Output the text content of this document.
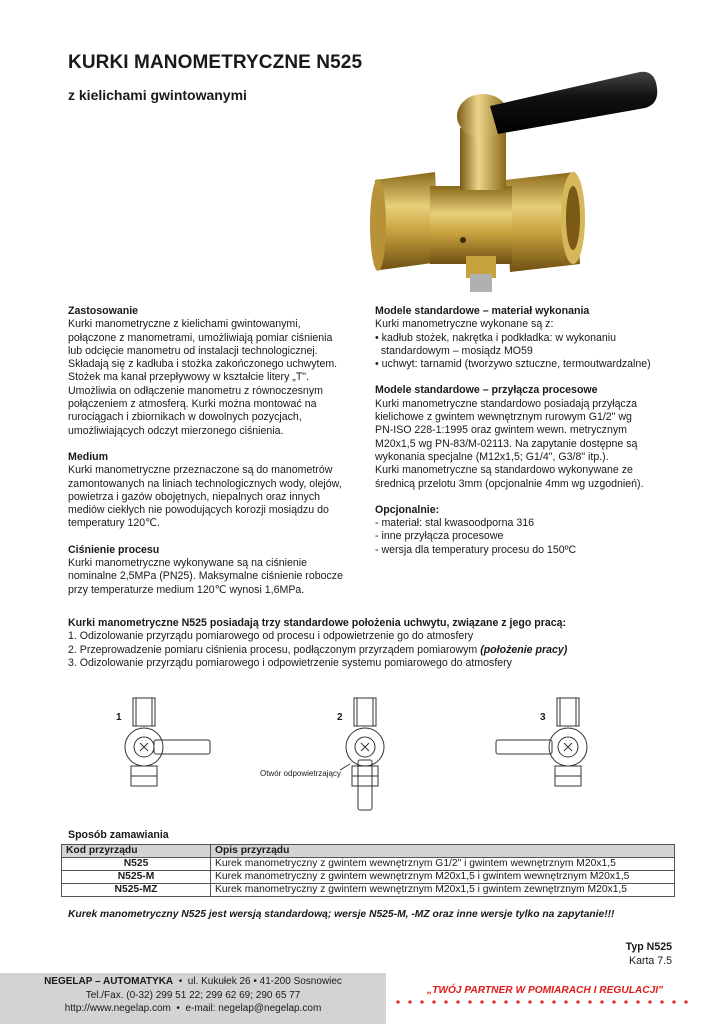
KURKI MANOMETRYCZNE N525
z kielichami gwintowanymi
Zastosowanie
Kurki manometryczne z kielichami gwintowanymi,
połączone z manometrami, umożliwiają pomiar ciśnienia
lub odcięcie manometru od instalacji technologicznej.
Składają się z kadłuba i stożka zakończonego uchwytem.
Stożek ma kanał przepływowy w kształcie litery „T".
Umożliwia on odłączenie manometru z równoczesnym
połączeniem z atmosferą. Kurki można montować na
rurociągach i zbiornikach w dowolnych pozycjach,
umożliwiających odczyt mierzonego ciśnienia.
Medium
Kurki manometryczne przeznaczone są do manometrów
zamontowanych na liniach technologicznych wody, olejów,
powietrza i gazów obojętnych, niepalnych oraz innych
mediów ciekłych nie powodujących korozji mosiądzu do
temperatury 120℃.
Ciśnienie procesu
Kurki manometryczne wykonywane są na ciśnienie
nominalne 2,5MPa (PN25). Maksymalne ciśnienie robocze
przy temperaturze medium 120℃ wynosi 1,6MPa.
Modele standardowe – materiał wykonania
Kurki manometryczne wykonane są z:
• kadłub stożek, nakrętka i podkładka: w wykonaniu
standardowym – mosiądz MO59
• uchwyt: tarnamid (tworzywo sztuczne, termoutwardzalne)
Modele standardowe – przyłącza procesowe
Kurki manometryczne standardowo posiadają przyłącza
kielichowe z gwintem wewnętrznym rurowym G1/2" wg
PN-ISO 228-1:1995 oraz gwintem wewn. metrycznym
M20x1,5 wg PN-83/M-02113. Na zapytanie dostępne są
wykonania specjalne (M12x1,5; G1/4", G3/8" itp.).
Kurki manometryczne są standardowo wykonywane ze
średnicą przelotu 3mm (opcjonalnie 4mm wg uzgodnień).
Opcjonalnie:
- materiał: stal kwasoodporna 316
- inne przyłącza procesowe
- wersja dla temperatury procesu do 150ºC
Kurki manometryczne N525 posiadają trzy standardowe położenia uchwytu, związane z jego pracą:
1. Odizolowanie przyrządu pomiarowego od procesu i odpowietrzenie go do atmosfery
2. Przeprowadzenie pomiaru ciśnienia procesu, podłączonym przyrządem pomiarowym (położenie pracy)
3. Odizolowanie przyrządu pomiarowego i odpowietrzenie systemu pomiarowego do atmosfery
1	2	3
Otwór odpowietrzający
Sposób zamawiania
Kod przyrządu	Opis przyrządu
N525	Kurek manometryczny z gwintem wewnętrznym G1/2" i gwintem wewnętrznym M20x1,5
N525-M	Kurek manometryczny z gwintem wewnętrznym M20x1,5 i gwintem wewnętrznym M20x1,5
N525-MZ	Kurek manometryczny z gwintem wewnętrznym M20x1,5 i gwintem zewnętrznym M20x1,5
Kurek manometryczny N525 jest wersją standardową; wersje N525-M, -MZ oraz inne wersje tylko na zapytanie!!!
Typ N525
Karta 7.5
NEGELAP – AUTOMATYKA  •  ul. Kukułek 26 • 41-200 Sosnowiec
Tel./Fax. (0-32) 299 51 22; 299 62 69; 290 65 77
http://www.negelap.com  •  e-mail: negelap@negelap.com
„TWÓJ PARTNER W POMIARACH I REGULACJI"
